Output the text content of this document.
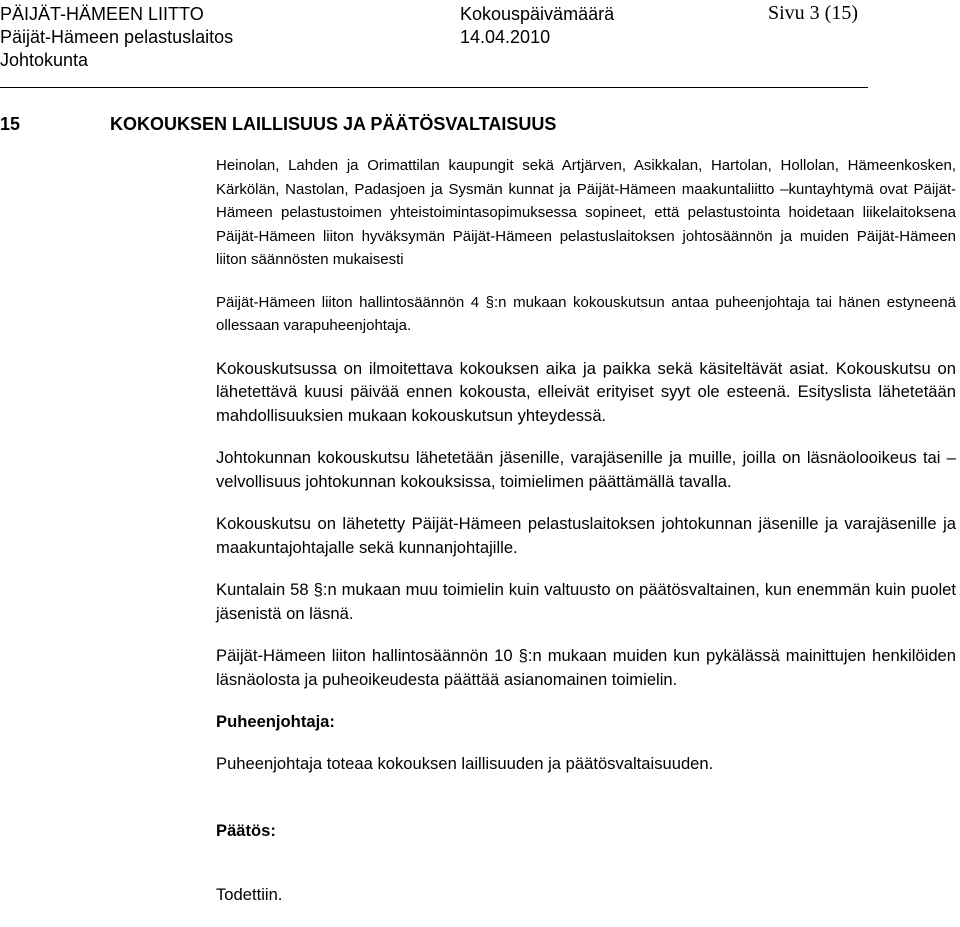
PÄIJÄT-HÄMEEN LIITTO	Kokouspäivämäärä	Sivu 3 (15)
Päijät-Hämeen pelastuslaitos	14.04.2010
Johtokunta
15	KOKOUKSEN LAILLISUUS JA PÄÄTÖSVALTAISUUS

Heinolan, Lahden ja Orimattilan kaupungit sekä Artjärven, Asikkalan, Hartolan, Hollolan, Hämeenkosken, Kärkölän, Nastolan, Padasjoen ja Sysmän kunnat ja Päijät-Hämeen maakuntaliitto –kuntayhtymä ovat Päijät-Hämeen pelastustoimen yhteistoimintasopimuksessa sopineet, että pelastustointa hoidetaan liikelaitoksena Päijät-Hämeen liiton hyväksymän Päijät-Hämeen pelastuslaitoksen johtosäännön ja muiden Päijät-Hämeen liiton säännösten mukaisesti

Päijät-Hämeen liiton hallintosäännön 4 §:n mukaan kokouskutsun antaa puheenjohtaja tai hänen estyneenä ollessaan varapuheenjohtaja.

Kokouskutsussa on ilmoitettava kokouksen aika ja paikka sekä käsiteltävät asiat. Kokouskutsu on lähetettävä kuusi päivää ennen kokousta, elleivät erityiset syyt ole esteenä. Esityslista lähetetään mahdollisuuksien mukaan kokouskutsun yhteydessä.

Johtokunnan kokouskutsu lähetetään jäsenille, varajäsenille ja muille, joilla on läsnäolooikeus tai –velvollisuus johtokunnan kokouksissa, toimielimen päättämällä tavalla.

Kokouskutsu on lähetetty Päijät-Hämeen pelastuslaitoksen johtokunnan jäsenille ja varajäsenille ja maakuntajohtajalle sekä kunnanjohtajille.

Kuntalain 58 §:n mukaan muu toimielin kuin valtuusto on päätösvaltainen, kun enemmän kuin puolet jäsenistä on läsnä.

Päijät-Hämeen liiton hallintosäännön 10 §:n mukaan muiden kun pykälässä mainittujen henkilöiden läsnäolosta ja puheoikeudesta päättää asianomainen toimielin.

Puheenjohtaja:

Puheenjohtaja toteaa kokouksen laillisuuden ja päätösvaltaisuuden.

Päätös:

Todettiin.
